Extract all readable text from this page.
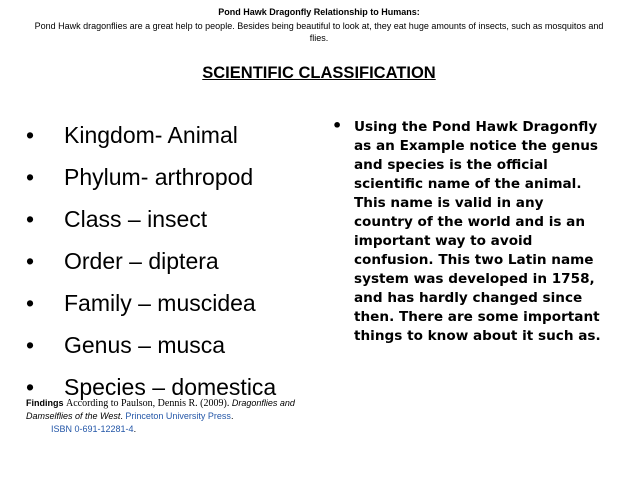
Pond Hawk Dragonfly Relationship to Humans:
Pond Hawk dragonflies are a great help to people. Besides being beautiful to look at, they eat huge amounts of insects, such as mosquitos and flies.
SCIENTIFIC CLASSIFICATION
• Kingdom- Animal
• Phylum- arthropod
• Class – insect
• Order – diptera
• Family – muscidea
• Genus – musca
• Species – domestica
Findings According to Paulson, Dennis R. (2009). Dragonflies and Damselflies of the West. Princeton University Press.
ISBN 0-691-12281-4.
• Using the Pond Hawk Dragonfly as an Example notice the genus and species is the official scientific name of the animal. This name is valid in any country of the world and is an important way to avoid confusion. This two Latin name system was developed in 1758, and has hardly changed since then. There are some important things to know about it such as.
